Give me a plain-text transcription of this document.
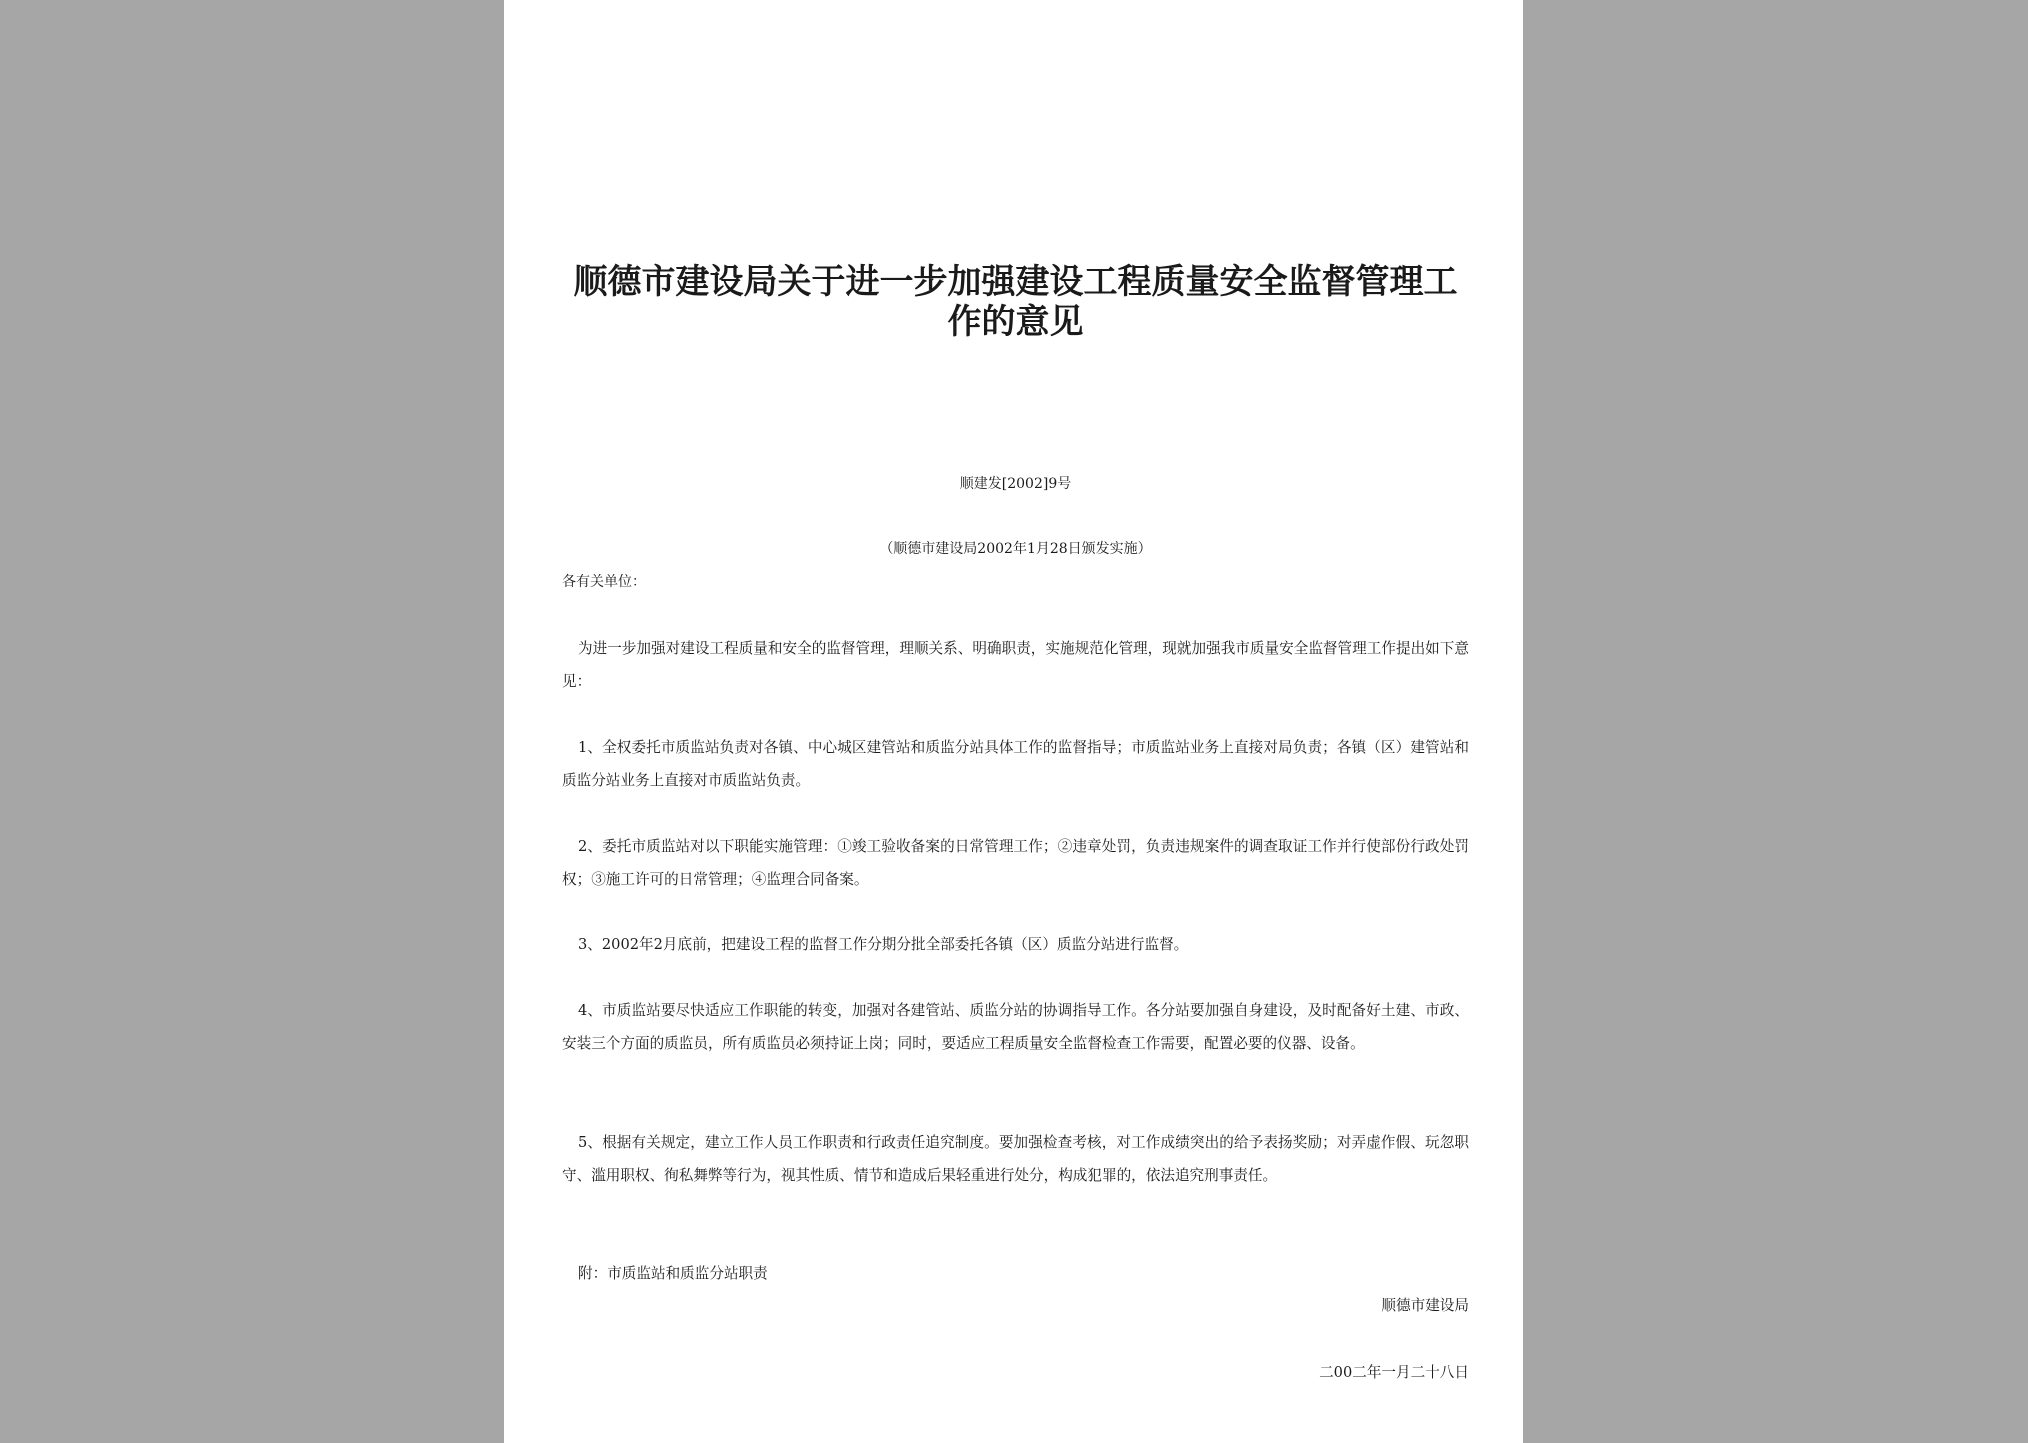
顺德市建设局关于进一步加强建设工程质量安全监督管理工作的意见
顺建发[2002]9号
（顺德市建设局2002年1月28日颁发实施）
各有关单位：

为进一步加强对建设工程质量和安全的监督管理，理顺关系、明确职责，实施规范化管理，现就加强我市质量安全监督管理工作提出如下意见：

1、全权委托市质监站负责对各镇、中心城区建管站和质监分站具体工作的监督指导；市质监站业务上直接对局负责；各镇（区）建管站和质监分站业务上直接对市质监站负责。

2、委托市质监站对以下职能实施管理：①竣工验收备案的日常管理工作；②违章处罚，负责违规案件的调查取证工作并行使部份行政处罚权；③施工许可的日常管理；④监理合同备案。

3、2002年2月底前，把建设工程的监督工作分期分批全部委托各镇（区）质监分站进行监督。

4、市质监站要尽快适应工作职能的转变，加强对各建管站、质监分站的协调指导工作。各分站要加强自身建设，及时配备好土建、市政、安装三个方面的质监员，所有质监员必须持证上岗；同时，要适应工程质量安全监督检查工作需要，配置必要的仪器、设备。

5、根据有关规定，建立工作人员工作职责和行政责任追究制度。要加强检查考核，对工作成绩突出的给予表扬奖励；对弄虚作假、玩忽职守、滥用职权、徇私舞弊等行为，视其性质、情节和造成后果轻重进行处分，构成犯罪的，依法追究刑事责任。

附：市质监站和质监分站职责

顺德市建设局
二00二年一月二十八日
